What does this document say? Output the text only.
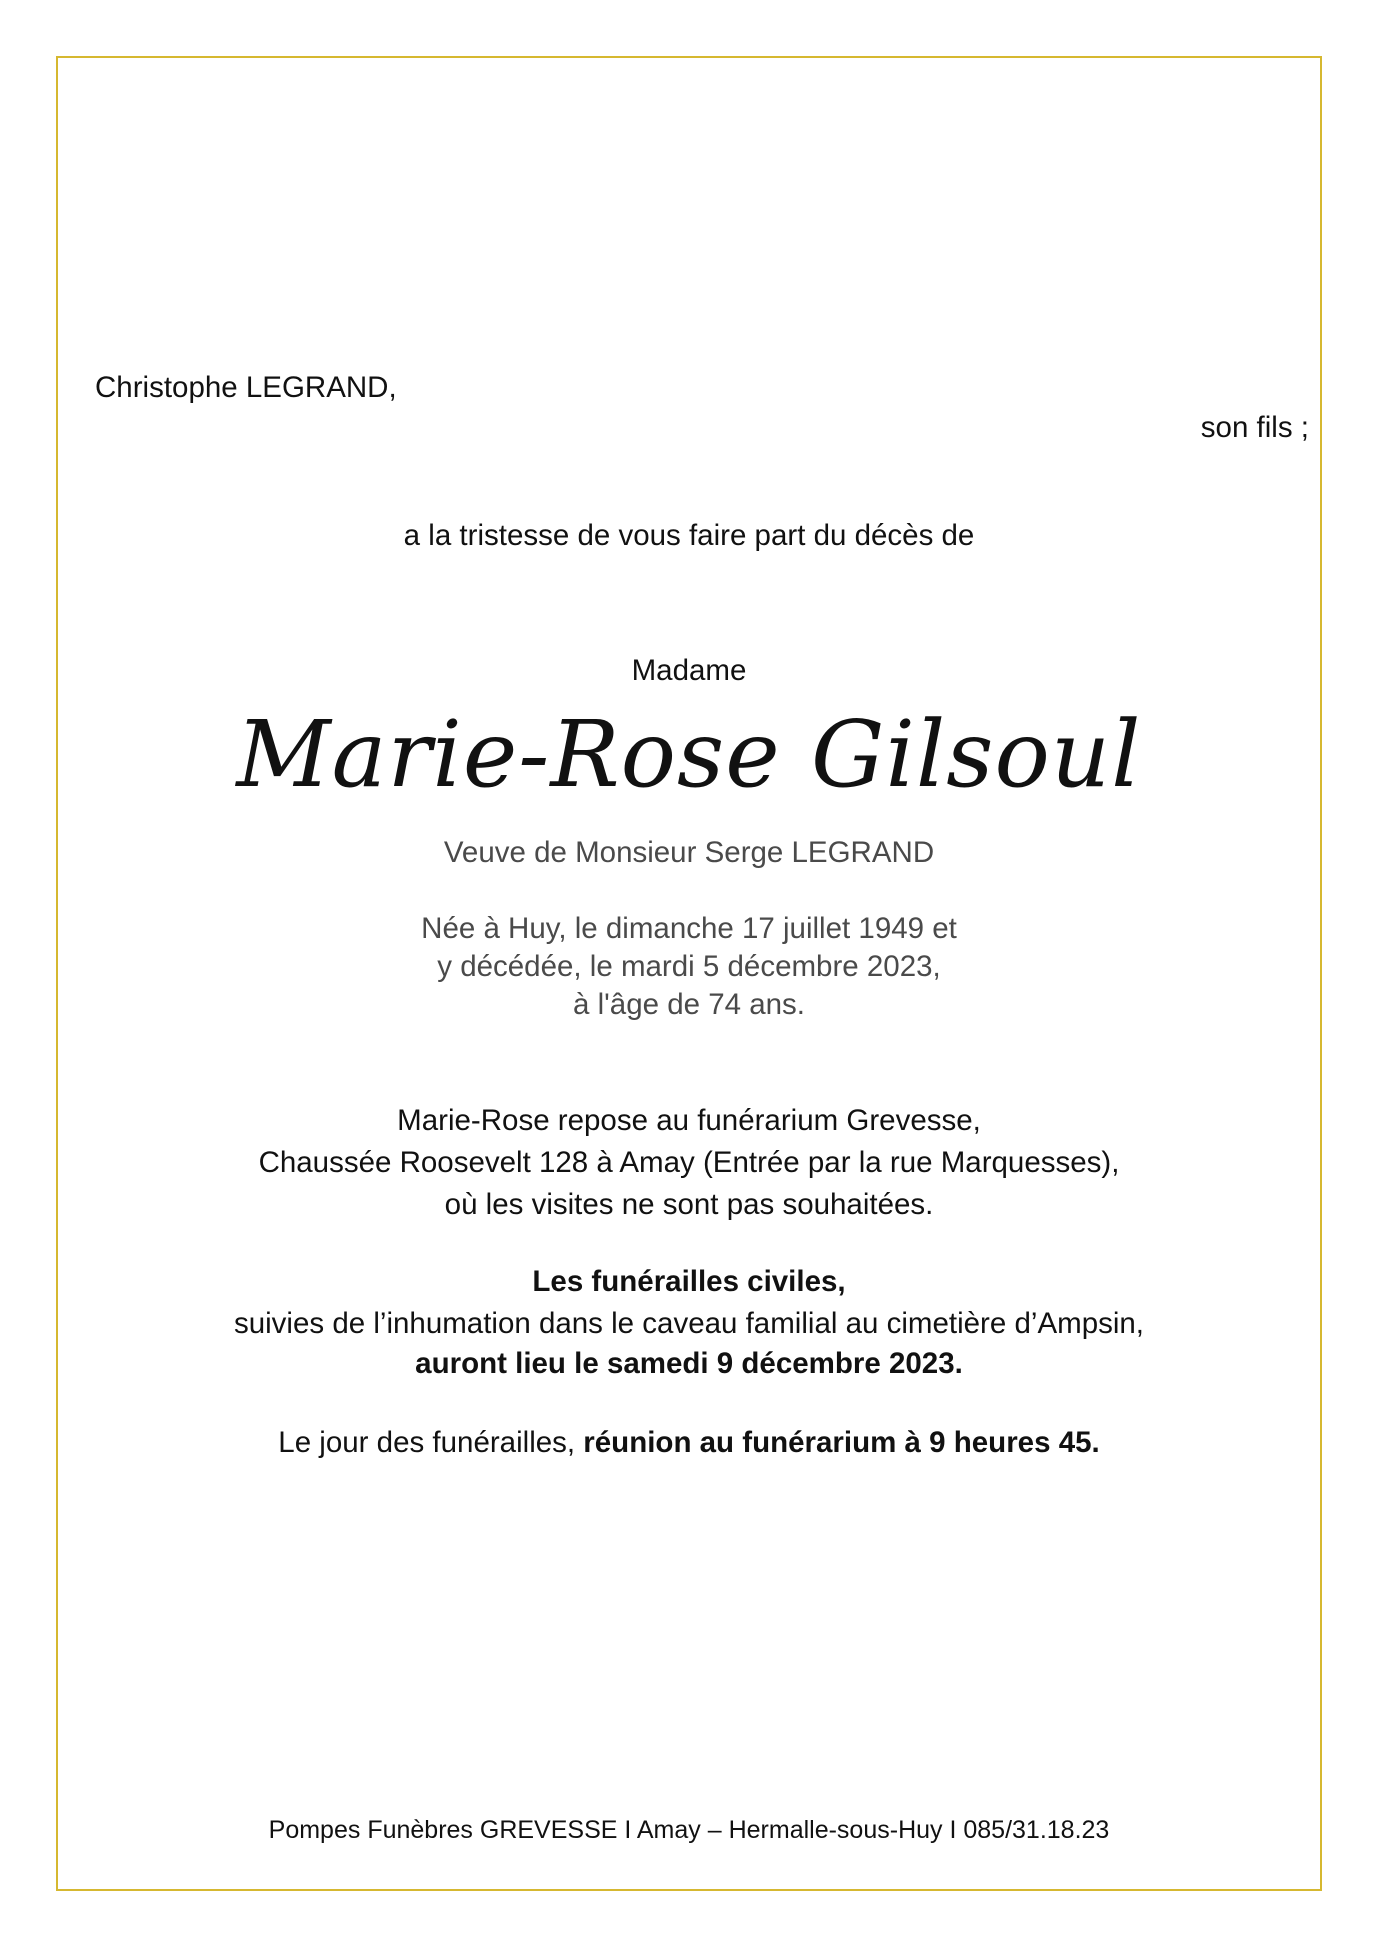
Christophe LEGRAND,
son fils ;
a la tristesse de vous faire part du décès de
Madame
Marie-Rose Gilsoul
Veuve de Monsieur Serge LEGRAND
Née à Huy, le dimanche 17 juillet 1949 et
y décédée, le mardi 5 décembre 2023,
à l'âge de 74 ans.
Marie-Rose repose au funérarium Grevesse,
Chaussée Roosevelt 128 à Amay (Entrée par la rue Marquesses),
où les visites ne sont pas souhaitées.
Les funérailles civiles,
suivies de l’inhumation dans le caveau familial au cimetière d’Ampsin,
auront lieu le samedi 9 décembre 2023.
Le jour des funérailles, réunion au funérarium à 9 heures 45.
Pompes Funèbres GREVESSE I Amay – Hermalle-sous-Huy I 085/31.18.23
